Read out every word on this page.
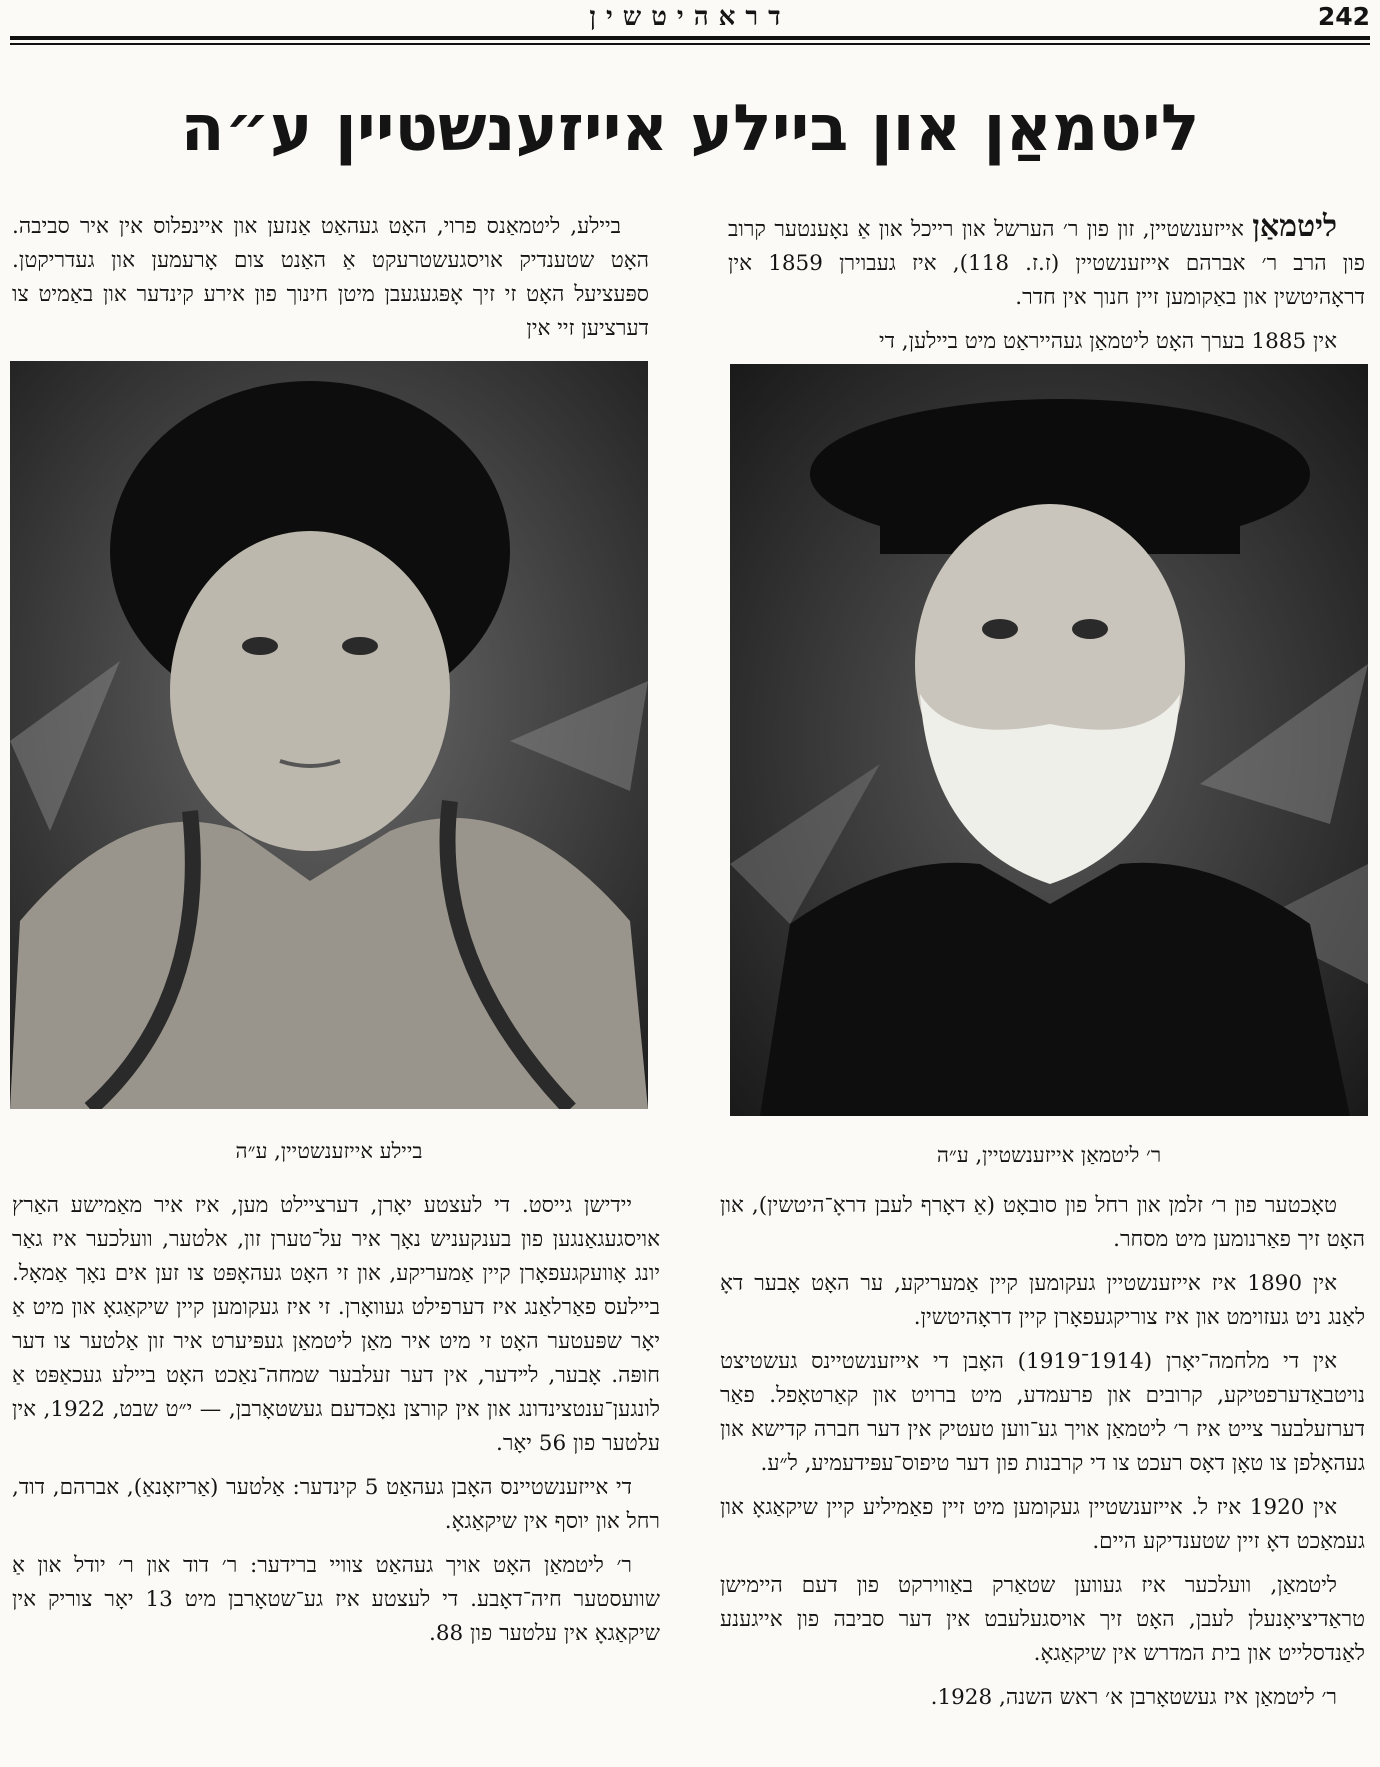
דראהיטשין	242
ליטמאַן און ביילע אייזענשטיין ע״ה

ליטמאַן אייזענשטיין, זון פון ר׳ הערשל און רייכל און אַ נאָענטער קרוב פון הרב ר׳ אברהם אייזענשטיין (ז.ז. 118), איז געבוירן 1859 אין דראָהיטשין און באַקומען זיין חנוך אין חדר.

אין 1885 בערך האָט ליטמאַן געהייראַט מיט ביילען, די

ביילע, ליטמאַנס פרוי, האָט געהאַט אַנזען און איינפלוס אין איר סביבה. האָט שטענדיק אויסגעשטרעקט אַ האַנט צום אָרעמען און געדריקטן. ספּעציעל האָט זי זיך אָפּגעגעבן מיטן חינוך פון אירע קינדער און באַמיט צו דערציען זיי אין

ר׳ ליטמאַן אייזענשטיין, ע״ה
ביילע אייזענשטיין, ע״ה

טאָכטער פון ר׳ זלמן און רחל פון סובאָט (אַ דאָרף לעבן דראָ־היטשין), און האָט זיך פאַרנומען מיט מסחר.

אין 1890 איז אייזענשטיין געקומען קיין אַמעריקע, ער האָט אָבער דאָ לאַנג ניט געזוימט און איז צוריקגעפאָרן קיין דראָהיטשין.

אין די מלחמה־יאָרן (1914־1919) האָבן די אייזענשטיינס געשטיצט נויטבאַדערפטיקע, קרובים און פרעמדע, מיט ברויט און קאַרטאָפל. פאַר דערזעלבער צייט איז ר׳ ליטמאַן אויך גע־ווען טעטיק אין דער חברה קדישא און געהאָלפן צו טאָן דאָס רעכט צו די קרבנות פון דער טיפוס־עפּידעמיע, ל״ע.

אין 1920 איז ל. אייזענשטיין געקומען מיט זיין פאַמיליע קיין שיקאַגאָ און געמאַכט דאָ זיין שטענדיקע היים.

ליטמאַן, וועלכער איז געווען שטאַרק באַווירקט פון דעם היימישן טראַדיציאָנעלן לעבן, האָט זיך אויסגעלעבט אין דער סביבה פון אייגענע לאַנדסלייט און בית המדרש אין שיקאַגאָ.

ר׳ ליטמאַן איז געשטאָרבן א׳ ראש השנה, 1928.

יידישן גייסט. די לעצטע יאָרן, דערציילט מען, איז איר מאַמישע האַרץ אויסגעגאַנגען פון בענקעניש נאָך איר על־טערן זון, אלטער, וועלכער איז גאַר יונג אָוועקגעפאָרן קיין אַמעריקע, און זי האָט געהאָפּט צו זען אים נאָך אַמאָל. ביילעס פאַרלאַנג איז דערפילט געוואָרן. זי איז געקומען קיין שיקאַגאָ און מיט אַ יאָר שפּעטער האָט זי מיט איר מאַן ליטמאַן געפּיערט איר זון אַלטער צו דער חופּה. אָבער, לײדער, אין דער זעלבער שמחה־נאַכט האָט ביילע געכאַפּט אַ לונגען־ענטצינדונג און אין קורצן נאָכדעם געשטאָרבן, — י״ט שבט, 1922, אין עלטער פון 56 יאָר.

די אייזענשטיינס האָבן געהאַט 5 קינדער: אַלטער (אַריזאָנאַ), אברהם, דוד, רחל און יוסף אין שיקאַגאָ.

ר׳ ליטמאַן האָט אויך געהאַט צוויי ברידער: ר׳ דוד און ר׳ יודל און אַ שוועסטער חיה־דאָבע. די לעצטע איז גע־שטאָרבן מיט 13 יאָר צוריק אין שיקאַגאָ אין עלטער פון 88.
